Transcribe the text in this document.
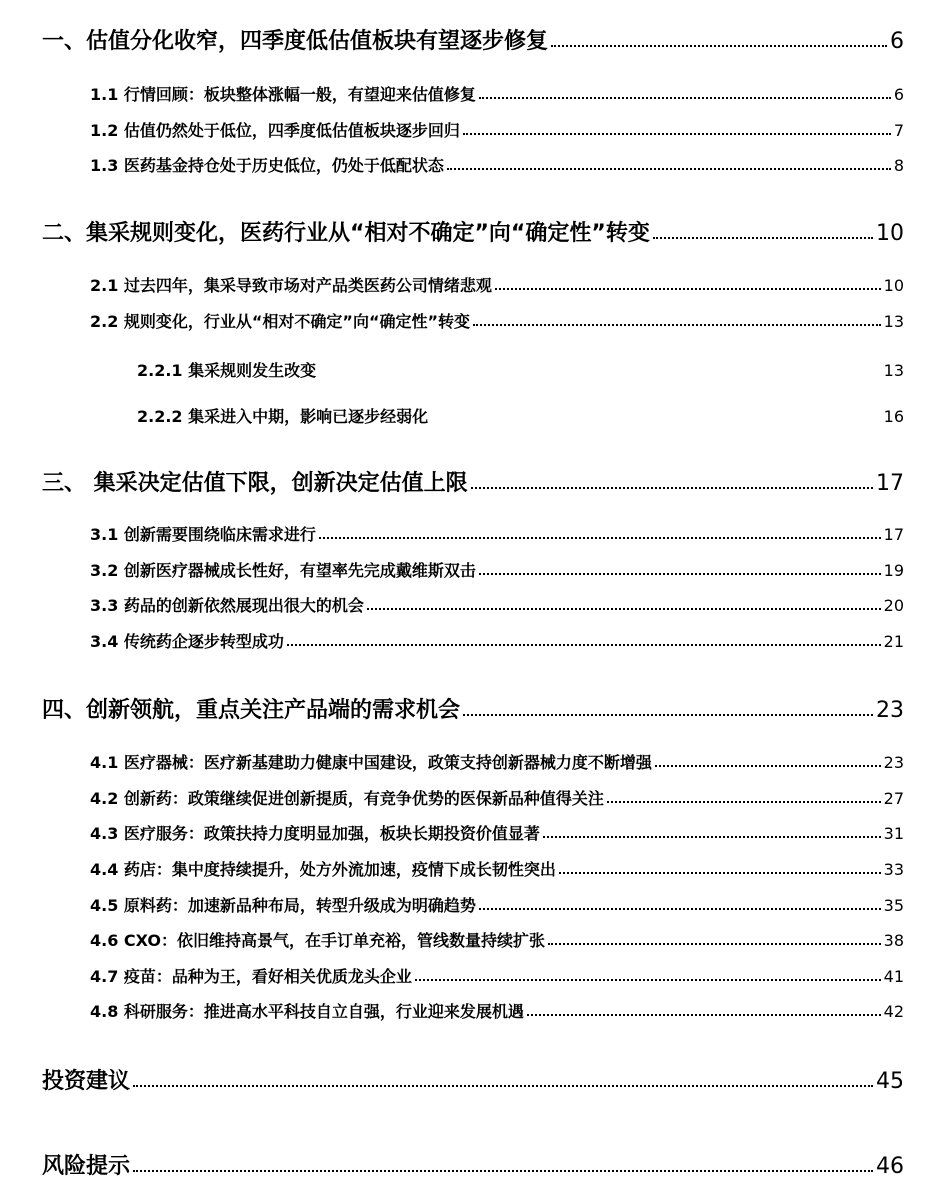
一、估值分化收窄，四季度低估值板块有望逐步修复	6
1.1 行情回顾：板块整体涨幅一般，有望迎来估值修复	6
1.2 估值仍然处于低位，四季度低估值板块逐步回归	7
1.3 医药基金持仓处于历史低位，仍处于低配状态	8
二、集采规则变化，医药行业从“相对不确定”向“确定性”转变	10
2.1 过去四年，集采导致市场对产品类医药公司情绪悲观	10
2.2 规则变化，行业从“相对不确定”向“确定性”转变	13
2.2.1 集采规则发生改变	13
2.2.2 集采进入中期，影响已逐步经弱化	16
三、 集采决定估值下限，创新决定估值上限	17
3.1 创新需要围绕临床需求进行	17
3.2 创新医疗器械成长性好，有望率先完成戴维斯双击	19
3.3 药品的创新依然展现出很大的机会	20
3.4 传统药企逐步转型成功	21
四、创新领航，重点关注产品端的需求机会	23
4.1 医疗器械：医疗新基建助力健康中国建设，政策支持创新器械力度不断增强	23
4.2 创新药：政策继续促进创新提质，有竞争优势的医保新品种值得关注	27
4.3 医疗服务：政策扶持力度明显加强，板块长期投资价值显著	31
4.4 药店：集中度持续提升，处方外流加速，疫情下成长韧性突出	33
4.5 原料药：加速新品种布局，转型升级成为明确趋势	35
4.6 CXO：依旧维持高景气，在手订单充裕，管线数量持续扩张	38
4.7 疫苗：品种为王，看好相关优质龙头企业	41
4.8 科研服务：推进高水平科技自立自强，行业迎来发展机遇	42
投资建议	45
风险提示	46
